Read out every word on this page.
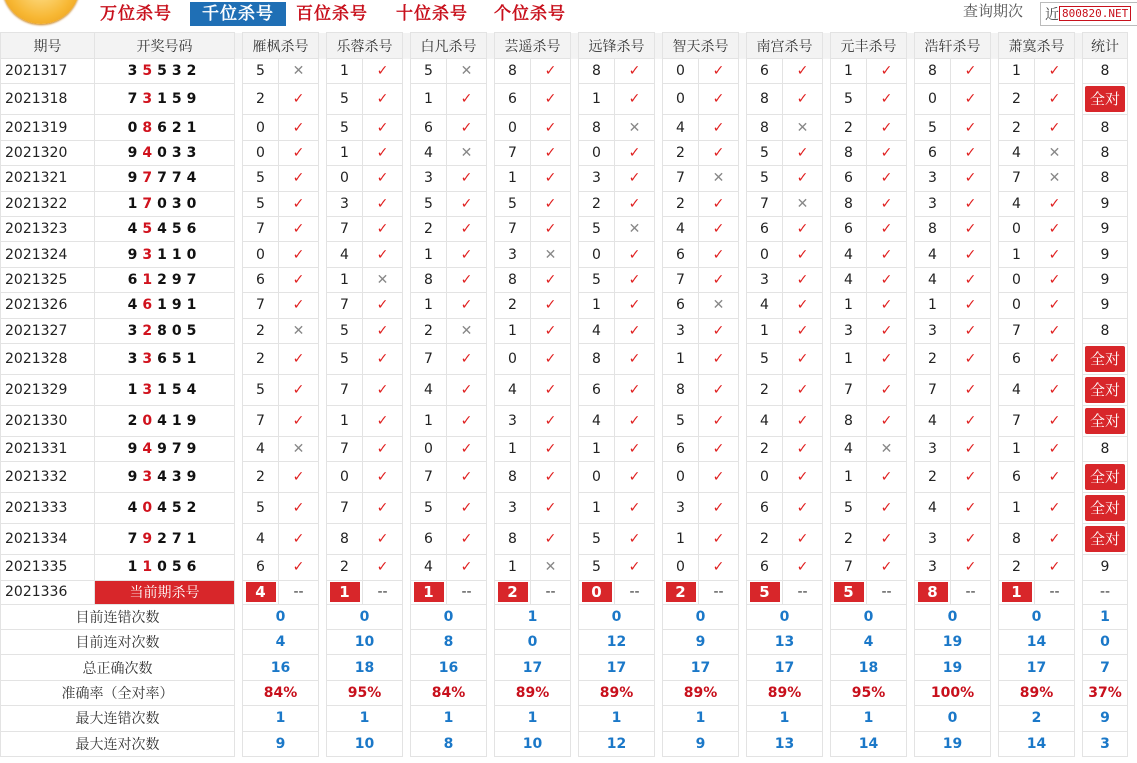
万位杀号	千位杀号	百位杀号 十位杀号 个位杀号	查询期次 近 800820.NET
期号	开奖号码		雁枫杀号			乐蓉杀号			白凡杀号			芸遥杀号			远锋杀号			智天杀号			南宫杀号			元丰杀号			浩轩杀号			萧寞杀号			统计
2021317	35532		5	✕		1	✓		5	✕		8	✓		8	✓		0	✓		6	✓		1	✓		8	✓		1	✓		8
2021318	73159		2	✓		5	✓		1	✓		6	✓		1	✓		0	✓		8	✓		5	✓		0	✓		2	✓		全对
2021319	08621		0	✓		5	✓		6	✓		0	✓		8	✕		4	✓		8	✕		2	✓		5	✓		2	✓		8
2021320	94033		0	✓		1	✓		4	✕		7	✓		0	✓		2	✓		5	✓		8	✓		6	✓		4	✕		8
2021321	97774		5	✓		0	✓		3	✓		1	✓		3	✓		7	✕		5	✓		6	✓		3	✓		7	✕		8
2021322	17030		5	✓		3	✓		5	✓		5	✓		2	✓		2	✓		7	✕		8	✓		3	✓		4	✓		9
2021323	45456		7	✓		7	✓		2	✓		7	✓		5	✕		4	✓		6	✓		6	✓		8	✓		0	✓		9
2021324	93110		0	✓		4	✓		1	✓		3	✕		0	✓		6	✓		0	✓		4	✓		4	✓		1	✓		9
2021325	61297		6	✓		1	✕		8	✓		8	✓		5	✓		7	✓		3	✓		4	✓		4	✓		0	✓		9
2021326	46191		7	✓		7	✓		1	✓		2	✓		1	✓		6	✕		4	✓		1	✓		1	✓		0	✓		9
2021327	32805		2	✕		5	✓		2	✕		1	✓		4	✓		3	✓		1	✓		3	✓		3	✓		7	✓		8
2021328	33651		2	✓		5	✓		7	✓		0	✓		8	✓		1	✓		5	✓		1	✓		2	✓		6	✓		全对
2021329	13154		5	✓		7	✓		4	✓		4	✓		6	✓		8	✓		2	✓		7	✓		7	✓		4	✓		全对
2021330	20419		7	✓		1	✓		1	✓		3	✓		4	✓		5	✓		4	✓		8	✓		4	✓		7	✓		全对
2021331	94979		4	✕		7	✓		0	✓		1	✓		1	✓		6	✓		2	✓		4	✕		3	✓		1	✓		8
2021332	93439		2	✓		0	✓		7	✓		8	✓		0	✓		0	✓		0	✓		1	✓		2	✓		6	✓		全对
2021333	40452		5	✓		7	✓		5	✓		3	✓		1	✓		3	✓		6	✓		5	✓		4	✓		1	✓		全对
2021334	79271		4	✓		8	✓		6	✓		8	✓		5	✓		1	✓		2	✓		2	✓		3	✓		8	✓		全对
2021335	11056		6	✓		2	✓		4	✓		1	✕		5	✓		0	✓		6	✓		7	✓		3	✓		2	✓		9
2021336	当前期杀号		4	--		1	--		1	--		2	--		0	--		2	--		5	--		5	--		8	--		1	--		--
目前连错次数			0			0			0			1			0			0			0			0			0			0			1
目前连对次数			4			10			8			0			12			9			13			4			19			14			0
总正确次数			16			18			16			17			17			17			17			18			19			17			7
准确率（全对率）			84%			95%			84%			89%			89%			89%			89%			95%			100%			89%			37%
最大连错次数			1			1			1			1			1			1			1			1			0			2			9
最大连对次数			9			10			8			10			12			9			13			14			19			14			3
